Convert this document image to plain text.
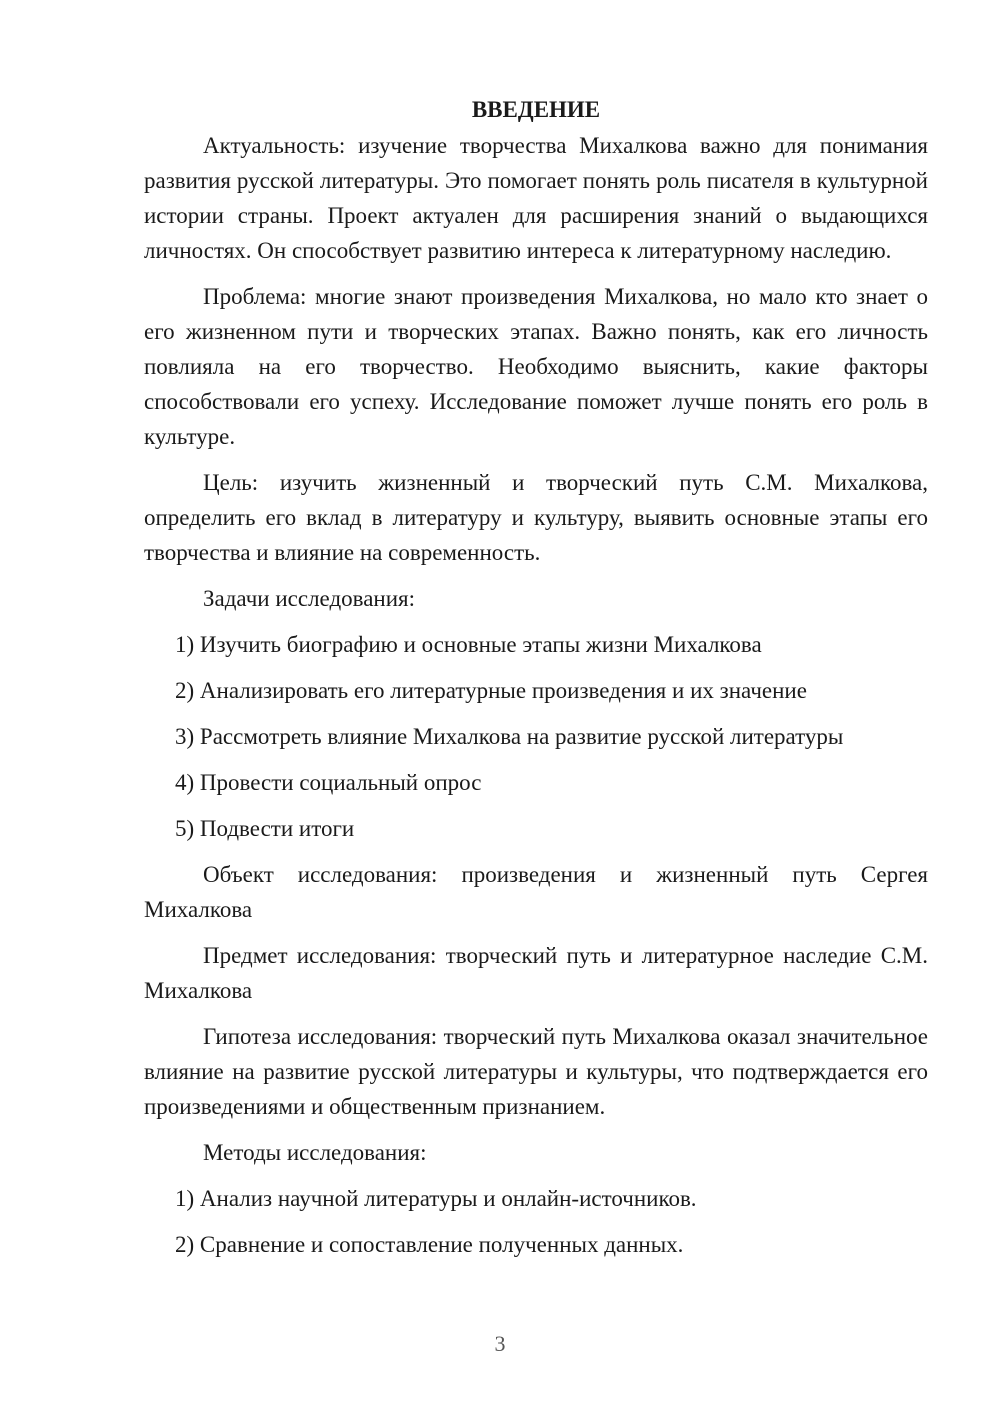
ВВЕДЕНИЕ

Актуальность: изучение творчества Михалкова важно для понимания развития русской литературы. Это помогает понять роль писателя в культурной истории страны. Проект актуален для расширения знаний о выдающихся личностях. Он способствует развитию интереса к литературному наследию.

Проблема: многие знают произведения Михалкова, но мало кто знает о его жизненном пути и творческих этапах. Важно понять, как его личность повлияла на его творчество. Необходимо выяснить, какие факторы способствовали его успеху. Исследование поможет лучше понять его роль в культуре.

Цель: изучить жизненный и творческий путь С.М. Михалкова, определить его вклад в литературу и культуру, выявить основные этапы его творчества и влияние на современность.

Задачи исследования:

1) Изучить биографию и основные этапы жизни Михалкова

2) Анализировать его литературные произведения и их значение

3) Рассмотреть влияние Михалкова на развитие русской литературы

4) Провести социальный опрос

5) Подвести итоги

Объект исследования: произведения и жизненный путь Сергея Михалкова

Предмет исследования: творческий путь и литературное наследие С.М. Михалкова

Гипотеза исследования: творческий путь Михалкова оказал значительное влияние на развитие русской литературы и культуры, что подтверждается его произведениями и общественным признанием.

Методы исследования:

1) Анализ научной литературы и онлайн-источников.

2) Сравнение и сопоставление полученных данных.

3
